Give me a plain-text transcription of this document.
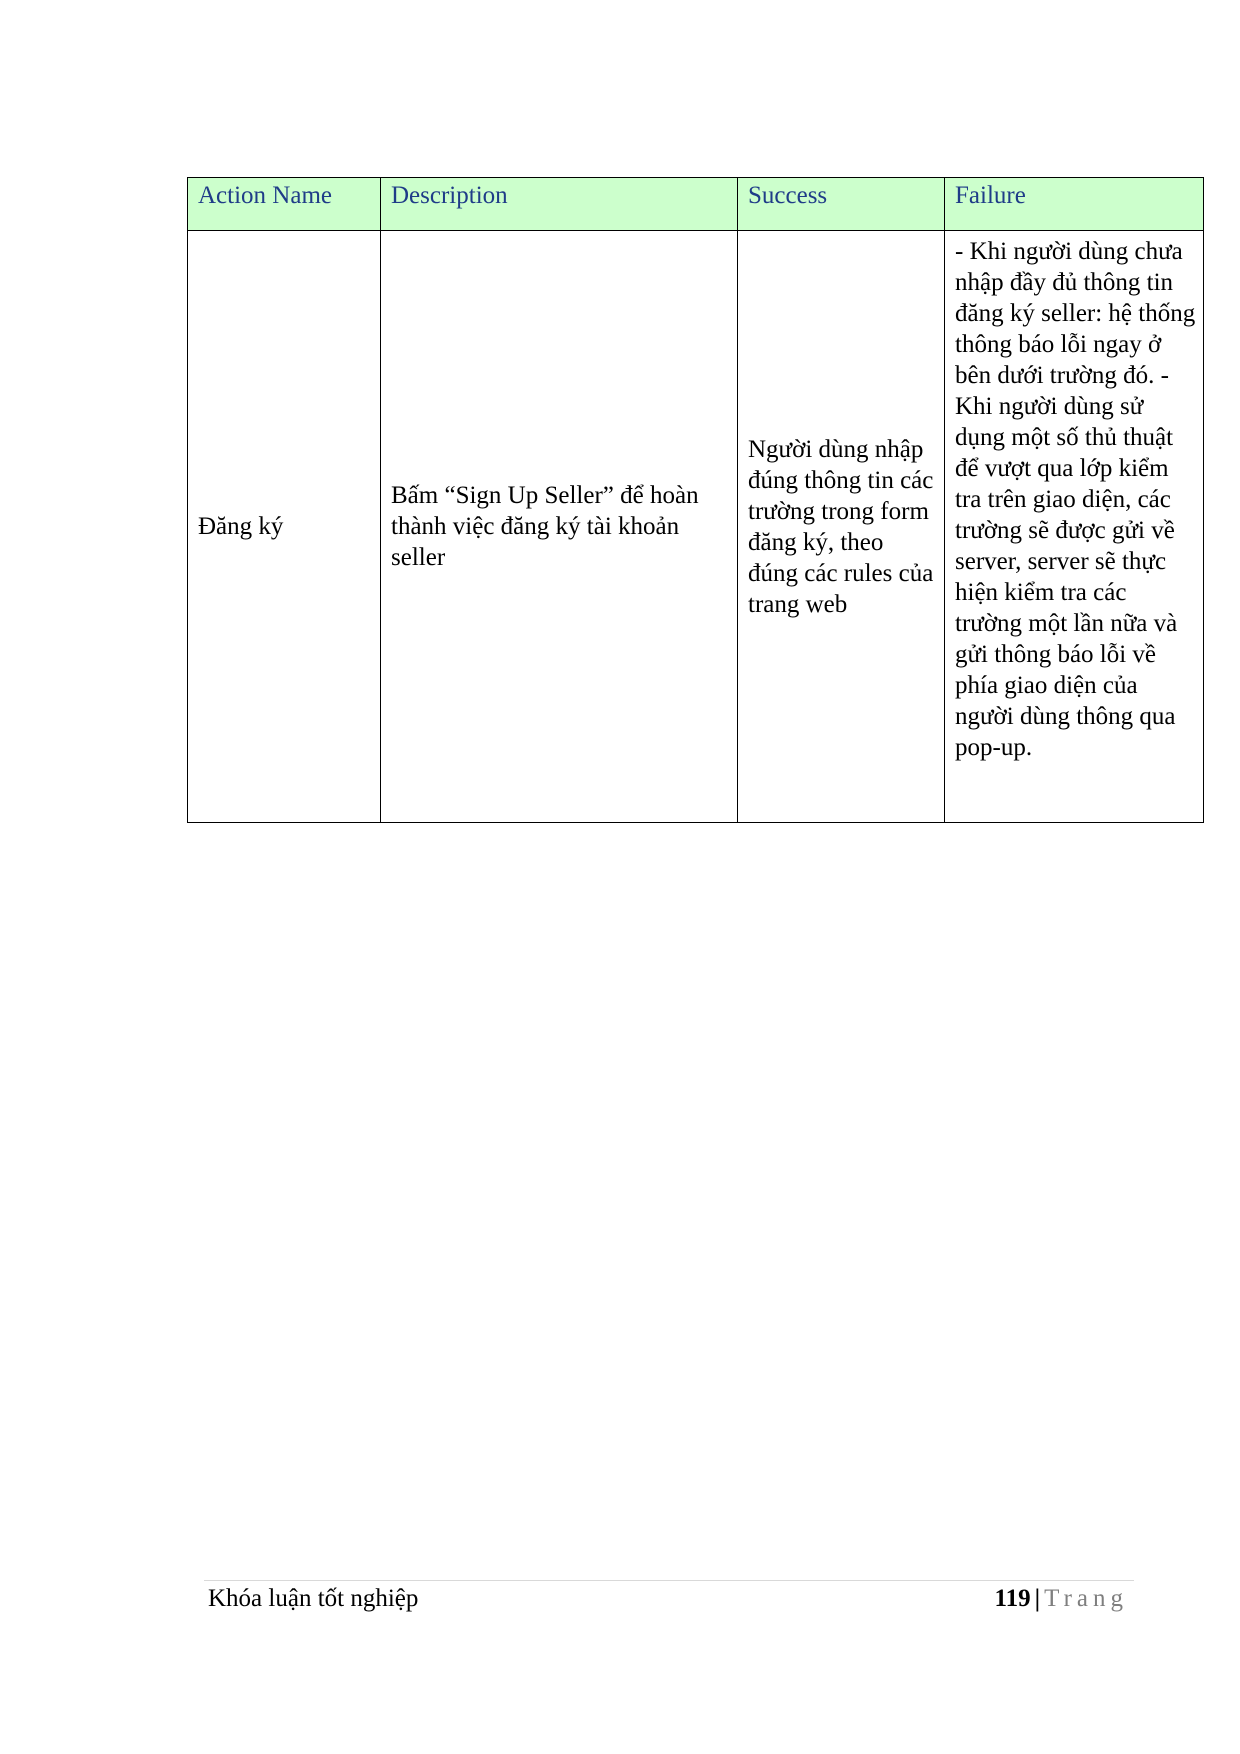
Action Name	Description	Success	Failure
Đăng ký	Bấm “Sign Up Seller” để hoàn thành việc đăng ký tài khoản seller	Người dùng nhập đúng thông tin các trường trong form đăng ký, theo đúng các rules của trang web	- Khi người dùng chưa nhập đầy đủ thông tin đăng ký seller: hệ thống thông báo lỗi ngay ở bên dưới trường đó. - Khi người dùng sử dụng một số thủ thuật để vượt qua lớp kiểm tra trên giao diện, các trường sẽ được gửi về server, server sẽ thực hiện kiểm tra các trường một lần nữa và gửi thông báo lỗi về phía giao diện của người dùng thông qua pop-up.
Khóa luận tốt nghiệp	119 | Trang
